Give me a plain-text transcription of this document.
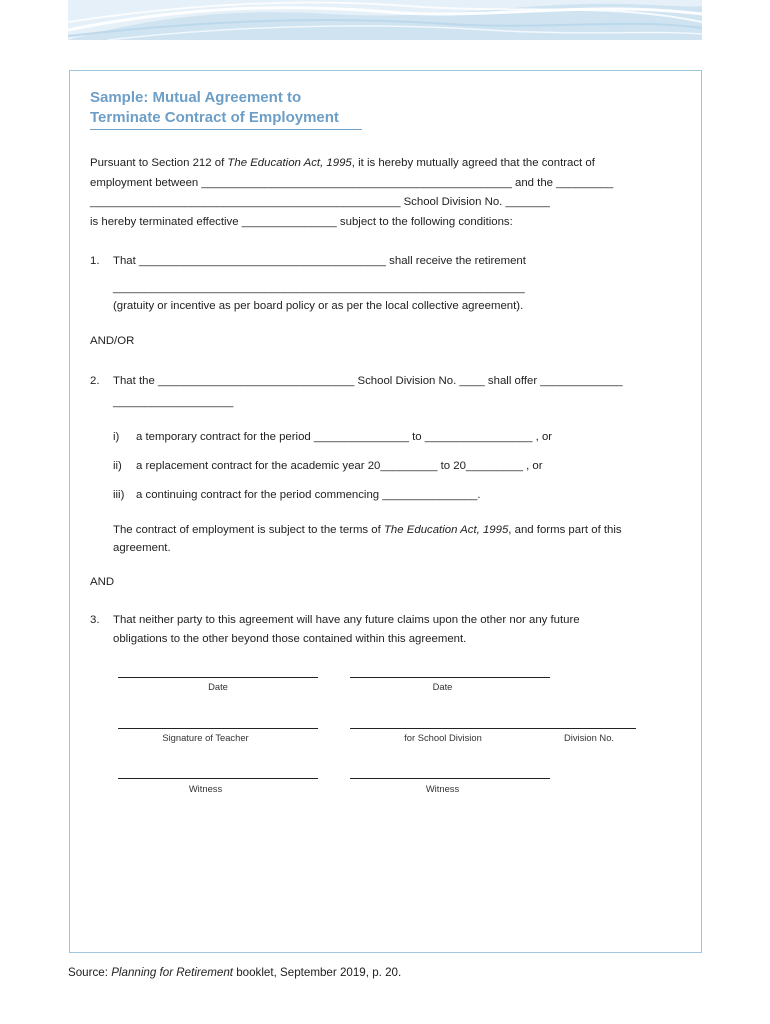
Sample: Mutual Agreement to
Terminate Contract of Employment
Pursuant to Section 212 of The Education Act, 1995, it is hereby mutually agreed that the contract of
employment between _________________________________________________ and the _________
_________________________________________________ School Division No. _______
is hereby terminated effective _______________ subject to the following conditions:
1. That _______________________________________ shall receive the retirement
_________________________________________________________________
(gratuity or incentive as per board policy or as per the local collective agreement).
AND/OR
2. That the _______________________________ School Division No. ____ shall offer _____________
___________________
i) a temporary contract for the period _______________ to _________________ , or
ii) a replacement contract for the academic year 20_________ to 20_________ , or
iii) a continuing contract for the period commencing _______________.
The contract of employment is subject to the terms of The Education Act, 1995, and forms part of this
agreement.
AND
3. That neither party to this agreement will have any future claims upon the other nor any future
obligations to the other beyond those contained within this agreement.
Date	Date
Signature of Teacher	for School Division	Division No.
Witness	Witness
Source: Planning for Retirement booklet, September 2019, p. 20.
